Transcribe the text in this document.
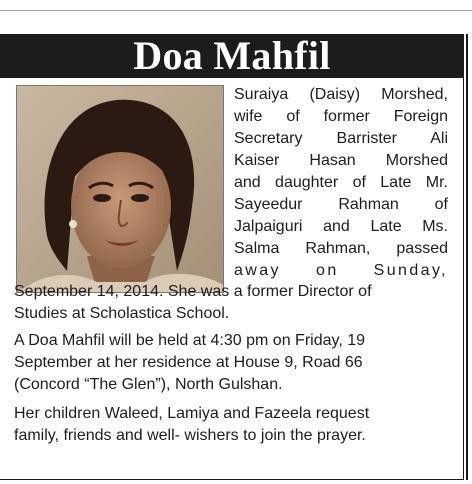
Doa Mahfil
Suraiya (Daisy) Morshed,
wife of former Foreign
Secretary Barrister Ali
Kaiser Hasan Morshed
and daughter of Late Mr.
Sayeedur Rahman of
Jalpaiguri and Late Ms.
Salma Rahman, passed
away on Sunday,
September 14, 2014. She was a former Director of
Studies at Scholastica School.
A Doa Mahfil will be held at 4:30 pm on Friday, 19
September at her residence at House 9, Road 66
(Concord “The Glen”), North Gulshan.
Her children Waleed, Lamiya and Fazeela request
family, friends and well- wishers to join the prayer.
